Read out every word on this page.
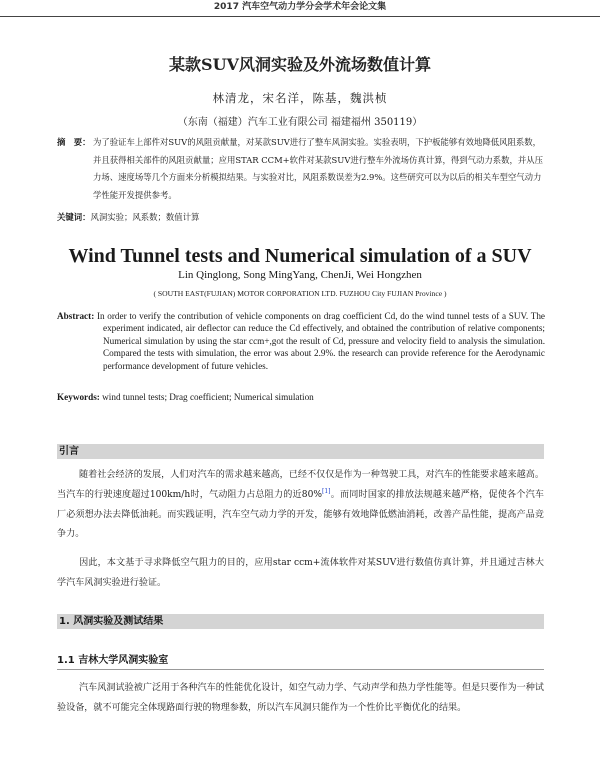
2017 汽车空气动力学分会学术年会论文集
某款SUV风洞实验及外流场数值计算
林清龙，宋名洋，陈基，魏洪桢
（东南（福建）汽车工业有限公司 福建福州 350119）
摘　要： 为了验证车上部件对SUV的风阻贡献量，对某款SUV进行了整车风洞实验。实验表明，下护板能够有效地降低风阻系数，并且获得相关部件的风阻贡献量；应用STAR CCM+软件对某款SUV进行整车外流场仿真计算，得到气动力系数，并从压力场、速度场等几个方面来分析模拟结果。与实验对比，风阻系数误差为2.9%。这些研究可以为以后的相关车型空气动力学性能开发提供参考。
关键词：风洞实验；风系数；数值计算
Wind Tunnel tests and Numerical simulation of a SUV
Lin Qinglong, Song MingYang, ChenJi, Wei Hongzhen
( SOUTH EAST(FUJIAN) MOTOR CORPORATION LTD. FUZHOU City FUJIAN Province )
Abstract: In order to verify the contribution of vehicle components on drag coefficient Cd, do the wind tunnel tests of a SUV. The experiment indicated, air deflector can reduce the Cd effectively, and obtained the contribution of relative components; Numerical simulation by using the star ccm+,got the result of Cd, pressure and velocity field to analysis the simulation. Compared the tests with simulation, the error was about 2.9%. the research can provide reference for the Aerodynamic performance development of future vehicles.
Keywords: wind tunnel tests; Drag coefficient; Numerical simulation
引言
随着社会经济的发展，人们对汽车的需求越来越高，已经不仅仅是作为一种驾驶工具，对汽车的性能要求越来越高。当汽车的行驶速度超过100km/h时，气动阻力占总阻力的近80%[1]。而同时国家的排放法规越来越严格，促使各个汽车厂必须想办法去降低油耗。而实践证明，汽车空气动力学的开发，能够有效地降低燃油消耗，改善产品性能，提高产品竞争力。
因此，本文基于寻求降低空气阻力的目的，应用star ccm+流体软件对某SUV进行数值仿真计算，并且通过吉林大学汽车风洞实验进行验证。
1. 风洞实验及测试结果
1.1 吉林大学风洞实验室
汽车风洞试验被广泛用于各种汽车的性能优化设计，如空气动力学、气动声学和热力学性能等。但是只要作为一种试验设备，就不可能完全体现路面行驶的物理参数，所以汽车风洞只能作为一个性价比平衡优化的结果。
